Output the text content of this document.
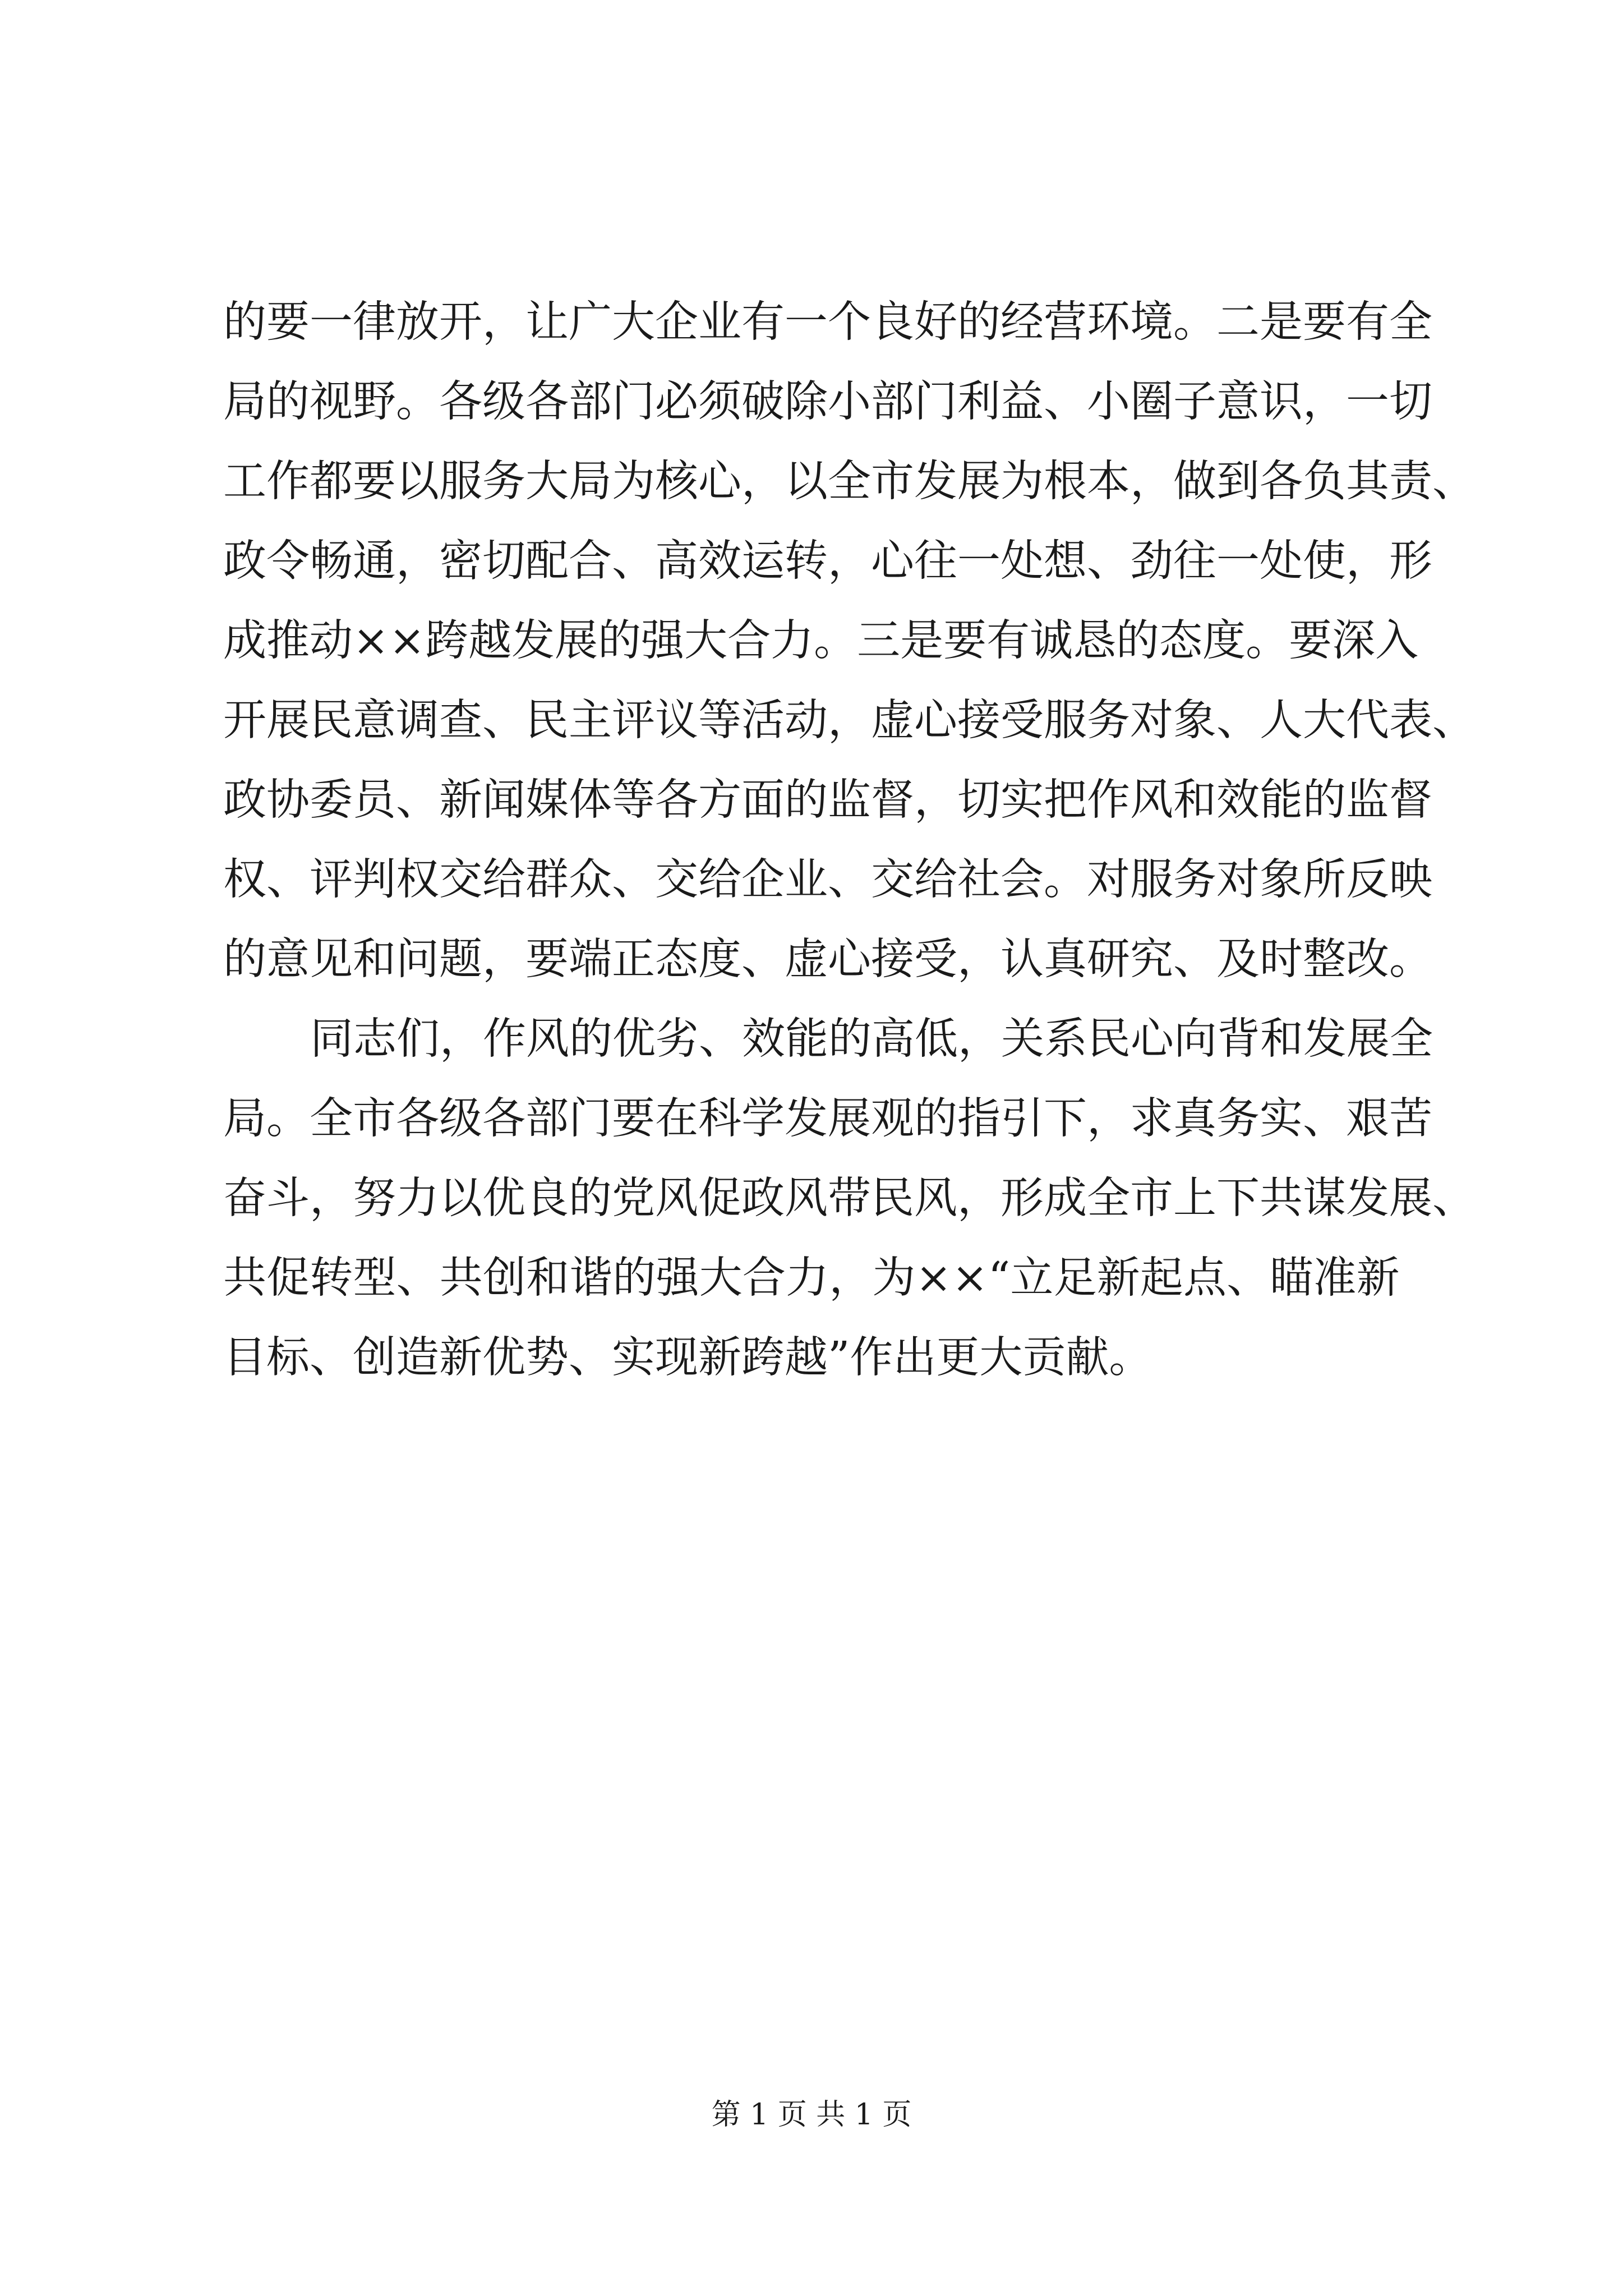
的 要 一 律 放 开 ， 让 广 大 企 业 有 一 个 良 好 的 经 营 环 境 。 二 是 要 有 全
局 的 视 野 。 各 级 各 部 门 必 须 破 除 小 部 门 利 益 、 小 圈 子 意 识 ， 一 切
工 作 都 要 以 服 务 大 局 为 核 心 ， 以 全 市 发 展 为 根 本 ， 做 到 各 负 其 责 、
政 令 畅 通 ， 密 切 配 合 、 高 效 运 转 ， 心 往 一 处 想 、 劲 往 一 处 使 ， 形
成 推 动 × × 跨 越 发 展 的 强 大 合 力 。 三 是 要 有 诚 恳 的 态 度 。 要 深 入
开 展 民 意 调 查 、 民 主 评 议 等 活 动 ， 虚 心 接 受 服 务 对 象 、 人 大 代 表 、
政 协 委 员 、 新 闻 媒 体 等 各 方 面 的 监 督 ， 切 实 把 作 风 和 效 能 的 监 督
权 、 评 判 权 交 给 群 众 、 交 给 企 业 、 交 给 社 会 。 对 服 务 对 象 所 反 映
的 意 见 和 问 题 ， 要 端 正 态 度 、 虚 心 接 受 ， 认 真 研 究 、 及 时 整 改 。
同 志 们 ， 作 风 的 优 劣 、 效 能 的 高 低 ， 关 系 民 心 向 背 和 发 展 全
局 。 全 市 各 级 各 部 门 要 在 科 学 发 展 观 的 指 引 下 ， 求 真 务 实 、 艰 苦
奋 斗 ， 努 力 以 优 良 的 党 风 促 政 风 带 民 风 ， 形 成 全 市 上 下 共 谋 发 展 、
共 促 转 型 、 共 创 和 谐 的 强 大 合 力 ， 为 × × “ 立 足 新 起 点 、 瞄 准 新
目标、创造新优势、实现新跨越”作出更大贡献。
第 1 页 共 1 页
